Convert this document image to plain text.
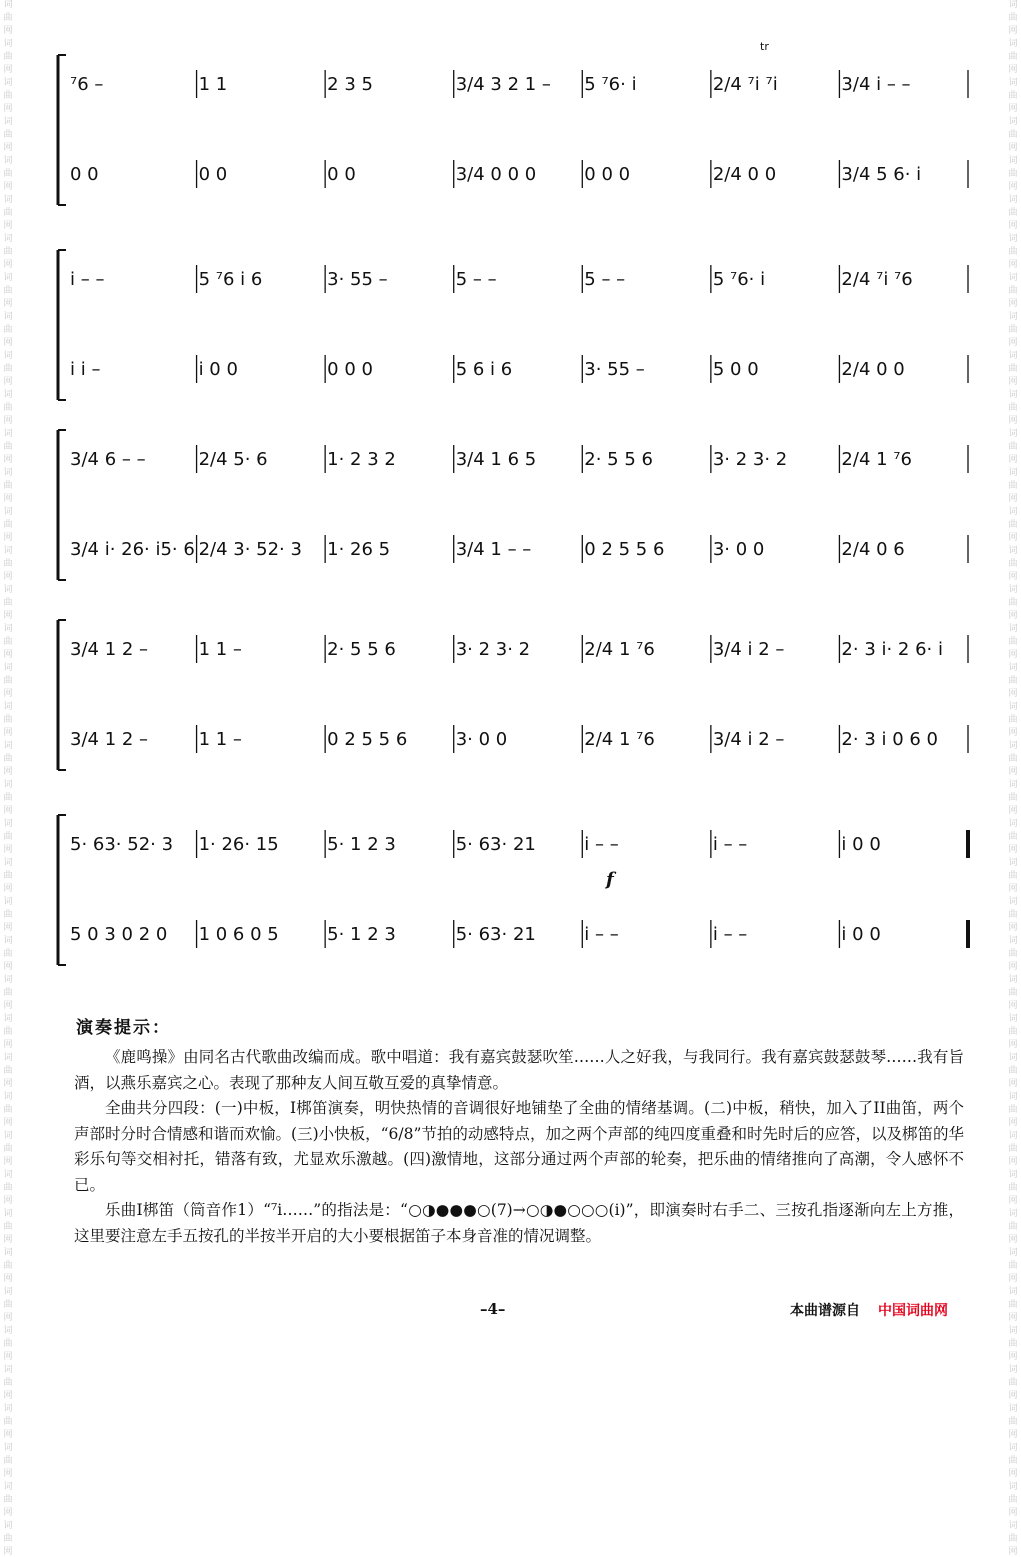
词
曲
网
词
曲
网
词
曲
网
词
曲
网
词
曲
网
词
曲
网
词
曲
网
词
曲
网
词
曲
网
词
曲
网
词
曲
网
词
曲
网
词
曲
网
词
曲
网
词
曲
网
词
曲
网
词
曲
网
词
曲
网
词
曲
网
词
曲
网
词
曲
网
词
曲
网
词
曲
网
词
曲
网
词
曲
网
词
曲
网
词
曲
网
词
曲
网
词
曲
网
词
曲
网
词
曲
网
词
曲
网
词
曲
网
词
曲
网
词
曲
网
词
曲
网
词
曲
网
词
曲
网
词
曲
网
词
曲
网
词
曲
网
词
曲
网
词
曲
网
词
曲
网
词
曲
网
词
曲
网
词
曲
网
词
曲
网
词
曲
网
词
曲
网
词
曲
网
词
曲
网
词
曲
网
词
曲
网
词
曲
网
词
曲
网
词
曲
网
词
曲
网
词
曲
网
词
曲
网
词
曲
网
词
曲
网
词
曲
网
词
曲
网
词
曲
网
词
曲
网
词
曲
网
词
曲
网
词
曲
网
词
曲
网
词
曲
网
词
曲
网
词
曲
网
词
曲
网
词
曲
网
词
曲
网
词
曲
网
词
曲
网
词
曲
网
词
曲
网
⁷6 –
0 0
1 1
0 0
2 3 5
0 0
3/4 3 2 1 –
3/4 0 0 0
5 ⁷6· i
0 0 0
2/4 ⁷i ⁷i
2/4 0 0
3/4 i – –
3/4 5 6· i
tr
i – –
i i –
5 ⁷6 i 6
i 0 0
3· 55 –
0 0 0
5 – –
5 6 i 6
5 – –
3· 55 –
5 ⁷6· i
5 0 0
2/4 ⁷i ⁷6
2/4 0 0
3/4 6 – –
3/4 i· 26· i5· 6
2/4 5· 6
2/4 3· 52· 3
1· 2 3 2
1· 26 5
3/4 1 6 5
3/4 1 – –
2· 5 5 6
0 2 5 5 6
3· 2 3· 2
3· 0 0
2/4 1 ⁷6
2/4 0 6
3/4 1 2 –
3/4 1 2 –
1 1 –
1 1 –
2· 5 5 6
0 2 5 5 6
3· 2 3· 2
3· 0 0
2/4 1 ⁷6
2/4 1 ⁷6
3/4 i 2 –
3/4 i 2 –
2· 3 i· 2 6· i
2· 3 i 0 6 0
5· 63· 52· 3
5 0 3 0 2 0
1· 26· 15
1 0 6 0 5
5· 1 2 3
5· 1 2 3
5· 63· 21
5· 63· 21
i – –
i – –
i – –
i – –
i 0 0
i 0 0
f
演奏提示：

《鹿鸣操》由同名古代歌曲改编而成。歌中唱道：我有嘉宾鼓瑟吹笙……人之好我，与我同行。我有嘉宾鼓瑟鼓琴……我有旨酒，以燕乐嘉宾之心。表现了那种友人间互敬互爱的真挚情意。

全曲共分四段：(一)中板，I梆笛演奏，明快热情的音调很好地铺垫了全曲的情绪基调。(二)中板，稍快，加入了II曲笛，两个声部时分时合情感和谐而欢愉。(三)小快板，“6/8”节拍的动感特点，加之两个声部的纯四度重叠和时先时后的应答，以及梆笛的华彩乐句等交相衬托，错落有致，尤显欢乐激越。(四)激情地，这部分通过两个声部的轮奏，把乐曲的情绪推向了高潮，令人感怀不已。

乐曲I梆笛（筒音作1）“⁷i……”的指法是：“○◑●●●○(7)→○◑●○○○(i)”，即演奏时右手二、三按孔指逐渐向左上方推，这里要注意左手五按孔的半按半开启的大小要根据笛子本身音准的情况调整。

–4–	本曲谱源自 中国词曲网
